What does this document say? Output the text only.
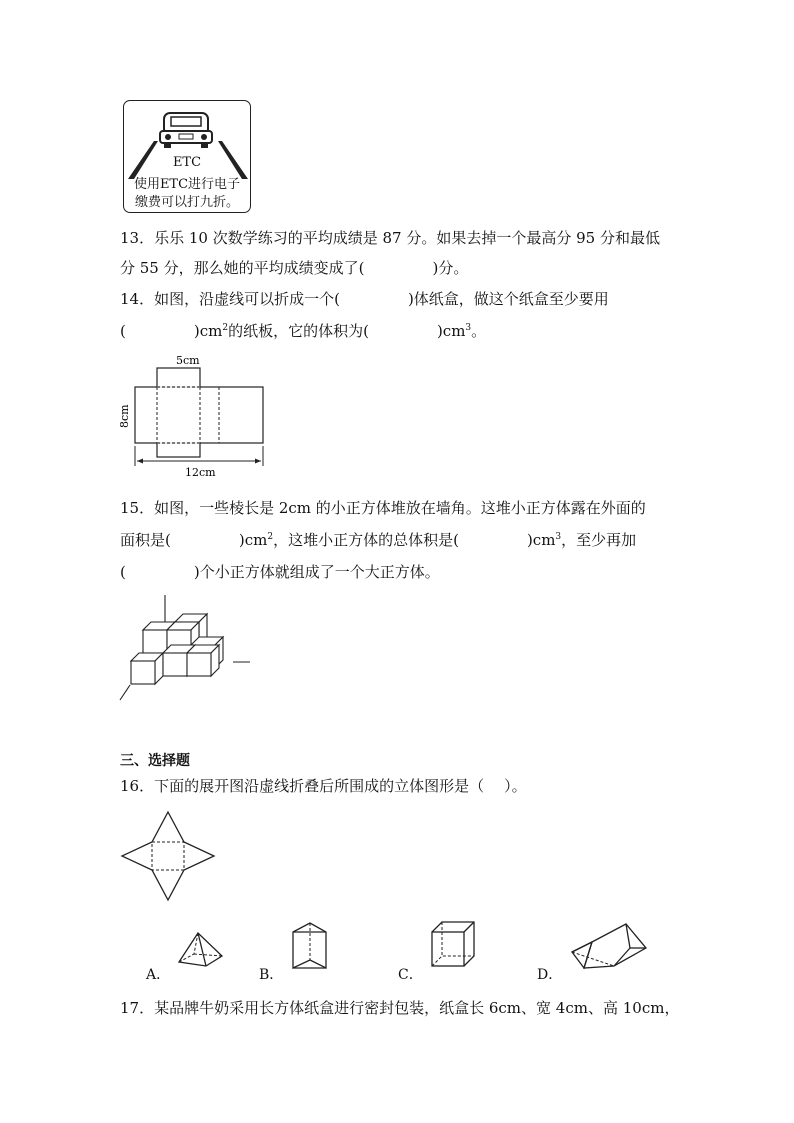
ETC
使用ETC进行电子
缴费可以打九折。
13．乐乐 10 次数学练习的平均成绩是 87 分。如果去掉一个最高分 95 分和最低
分 55 分，那么她的平均成绩变成了(	)分。
14．如图，沿虚线可以折成一个(	)体纸盒，做这个纸盒至少要用
(	)$cm^2$的纸板，它的体积为(	)$cm^3$。
5cm
8cm
12cm
15．如图，一些棱长是 2cm 的小正方体堆放在墙角。这堆小正方体露在外面的
面积是(	)$cm^2$，这堆小正方体的总体积是(	)$cm^3$，至少再加
(	)个小正方体就组成了一个大正方体。
三、选择题
16．下面的展开图沿虚线折叠后所围成的立体图形是（ ）。
A．	B．	C．	D．
17．某品牌牛奶采用长方体纸盒进行密封包装，纸盒长 6cm、宽 4cm、高 10cm，
